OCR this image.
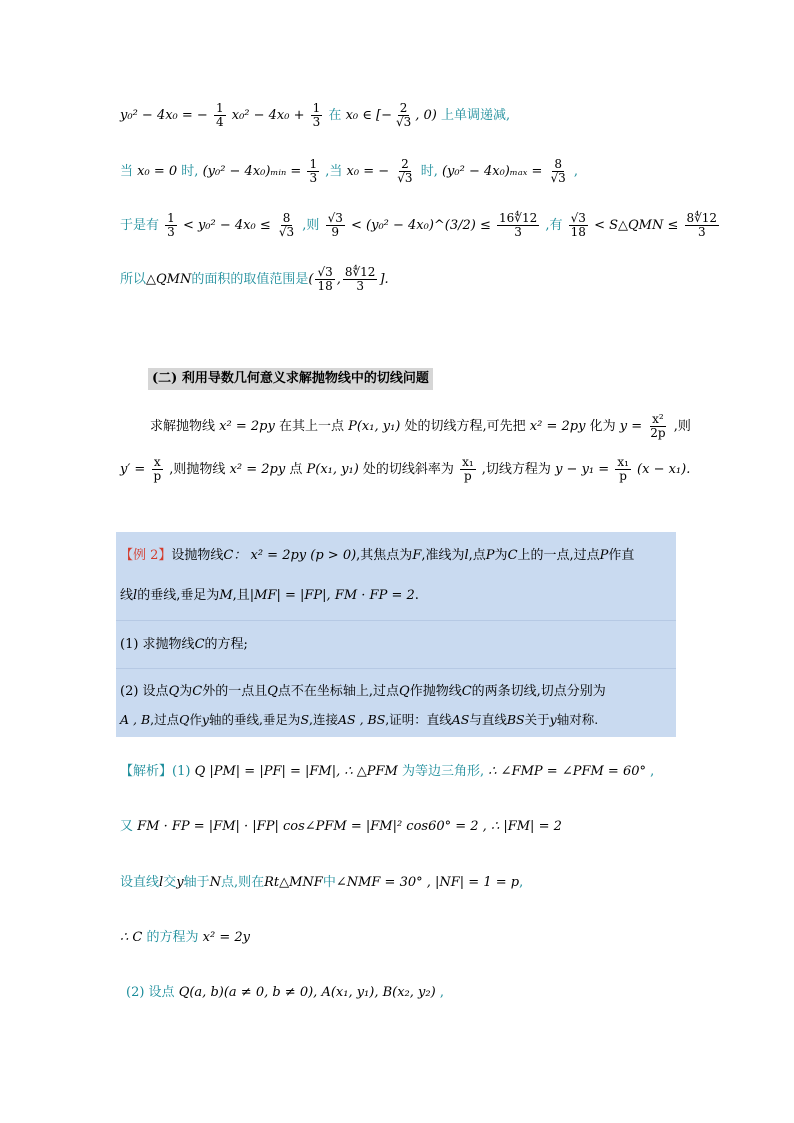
y₀² − 4x₀ = − $\frac{1}{4} x_0^2 - 4x_0 + \frac{1}{3}$ 在 x₀ ∈ [− $\frac{2}{√3}$ , 0) 上单调递减,
当 x₀ = 0 时, (y₀² − 4x₀)ₘᵢₙ = $\frac{1}{3}$ ,当 x₀ = − $\frac{2}{√3}$ 时, $(y_0^2 - 4x_0)_{max} = \frac{8}{√3}$ ,
于是有 $\frac{1}{3} < y_0^2 - 4x_0 \le \frac{8}{√3}$ ,则 $\frac{√3}{9} < (y_0^2$ − 4x₀)^(3/2) ≤ $\frac{16∜12}{3}$ ,有 $\frac{√3}{18}$ < S△QMN ≤ $\frac{8∜12}{3}$
所以△QMN的面积的取值范围是( $\frac{√3}{18}$ , $\frac{8∜12}{3}$ ].
(二) 利用导数几何意义求解抛物线中的切线问题
求解抛物线 x² = 2py 在其上一点 P(x₁, y₁) 处的切线方程,可先把 x² = 2py 化为 $y = \frac{\text{x²}}{2p}$ ,则
$y' = \frac{x}{p}$ ,则抛物线 x² = 2py 点 P(x₁, y₁) 处的切线斜率为 $\frac{\text{x₁}}{p}$ ,切线方程为 $y - y_1 = \frac{\text{x₁}}{p} (x - x_1)$.
【例 2】设抛物线C： x² = 2py (p > 0),其焦点为F,准线为l,点P为C上的一点,过点P作直
线l的垂线,垂足为M,且|MF| = |FP|, FM · FP = 2.
(1) 求抛物线C的方程;
(2) 设点Q为C外的一点且Q点不在坐标轴上,过点Q作抛物线C的两条切线,切点分别为
A , B,过点Q作y轴的垂线,垂足为S,连接AS , BS,证明：直线AS与直线BS关于y轴对称.
【解析】(1) Q |PM| = |PF| = |FM|, ∴ △PFM 为等边三角形, ∴ ∠FMP = ∠PFM = 60° ,
又 FM · FP = |FM| · |FP| cos∠PFM = |FM|² cos60° = 2 , ∴ |FM| = 2
设直线l交y轴于N点,则在Rt△MNF中∠NMF = 30° , |NF| = 1 = p,
∴ C 的方程为 x² = 2y
(2) 设点 Q(a, b)(a ≠ 0, b ≠ 0), A(x₁, y₁), B(x₂, y₂) ,
